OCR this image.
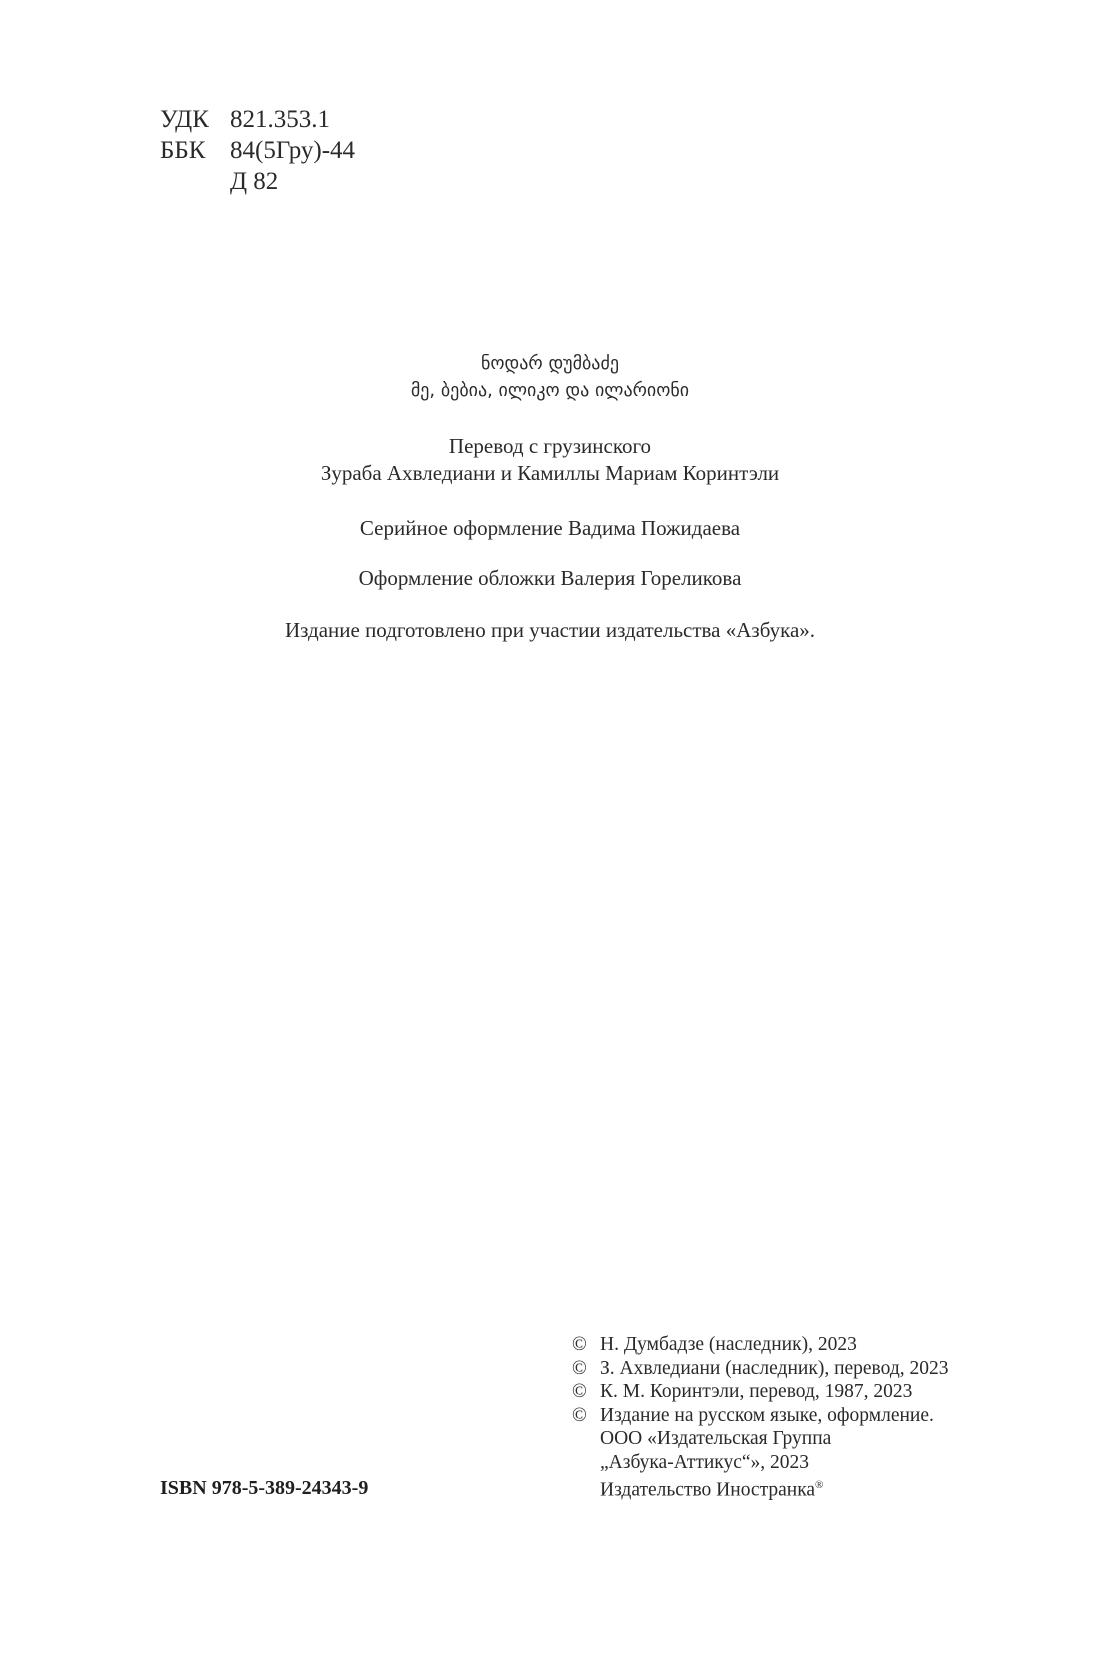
УДК 821.353.1
ББК 84(5Гру)-44
Д 82
ნოდარ დუმბაძე
მე, ბებია, ილიკო და ილარიონი
Перевод с грузинского
Зураба Ахвледиани и Камиллы Мариам Коринтэли
Серийное оформление Вадима Пожидаева
Оформление обложки Валерия Гореликова
Издание подготовлено при участии издательства «Азбука».
© Н. Думбадзе (наследник), 2023
© З. Ахвледиани (наследник), перевод, 2023
© К. М. Коринтэли, перевод, 1987, 2023
© Издание на русском языке, оформление.
ООО «Издательская Группа
„Азбука-Аттикус“», 2023
Издательство Иностранка®
ISBN 978-5-389-24343-9
